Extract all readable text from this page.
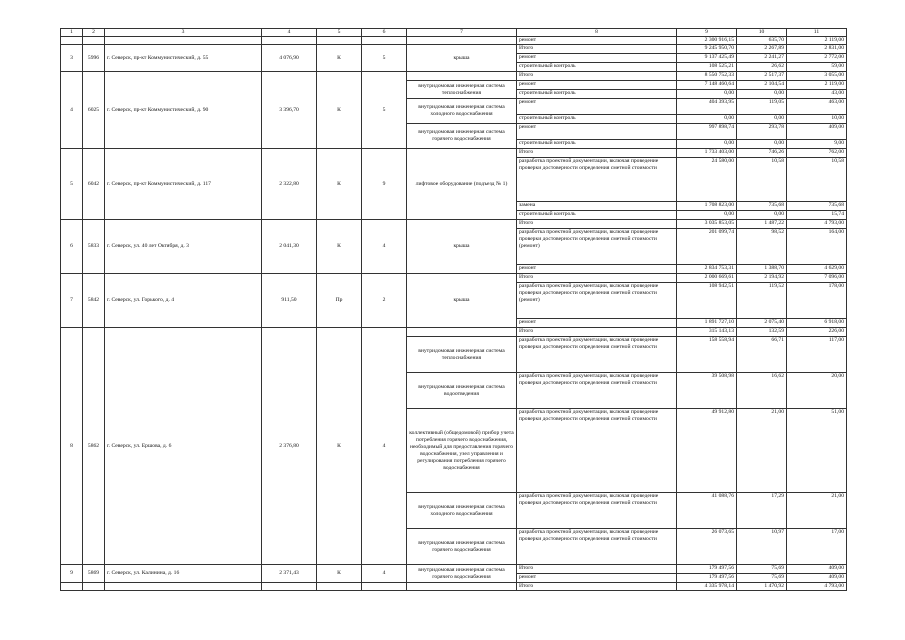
1	2	3	4	5	6	7	8	9	10	11
							ремонт	2 300 916,15	635,70	2 119,00
3	5996	г. Северск, пр-кт Коммунистический, д. 55	4 076,90	К	5	крыша	Итого	9 245 950,70	2 267,89	2 831,00
							ремонт	9 137 425,49	2 241,27	2 772,00
							строительный контроль	108 525,21	26,62	59,00
4	6025	г. Северск, пр-кт Коммунистический, д. 90	3 396,70	К	5		Итого	8 550 752,33	2 517,37	3 055,00
						внутридомовая инженерная система теплоснабжения	ремонт	7 148 460,64	2 104,54	2 119,00
							строительный контроль	0,00	0,00	43,00
						внутридомовая инженерная система холодного водоснабжения	ремонт	404 393,95	119,05	463,00
							строительный контроль	0,00	0,00	10,00
						внутридомовая инженерная система горячего водоснабжения	ремонт	997 898,74	293,78	409,00
							строительный контроль	0,00	0,00	9,00
5	6042	г. Северск, пр-кт Коммунистический, д. 117	2 322,80	К	9	лифтовое оборудование (подъезд № 1)	Итого	1 733 403,00	746,26	762,00
							разработка проектной документации, включая проведение проверки достоверности определения сметной стоимости	24 580,00	10,58	10,58
							замена	1 708 823,00	735,68	735,68
							строительный контроль	0,00	0,00	15,74
6	5833	г. Северск, ул. 40 лет Октября, д. 3	2 041,30	К	4	крыша	Итого	3 035 853,05	1 487,22	4 793,00
							разработка проектной документации, включая проведение проверки достоверности определения сметной стоимости (ремонт)	201 099,74	98,52	164,00
							ремонт	2 834 753,31	1 388,70	4 629,00
7	5842	г. Северск, ул. Горького, д. 4	911,50	Пр	2	крыша	Итого	2 000 669,61	2 194,92	7 096,00
							разработка проектной документации, включая проведение проверки достоверности определения сметной стоимости (ремонт)	108 942,51	119,52	178,00
							ремонт	1 891 727,10	2 075,40	6 918,00
8	5862	г. Северск, ул. Ершова, д. 6	2 376,80	К	4		Итого	315 143,13	132,59	226,00
						внутридомовая инженерная система теплоснабжения	разработка проектной документации, включая проведение проверки достоверности определения сметной стоимости	158 558,94	66,71	117,00
						внутридомовая инженерная система водоотведения	разработка проектной документации, включая проведение проверки достоверности определения сметной стоимости	39 508,98	16,62	20,00
						коллективный (общедомовой) прибор учета потребления горячего водоснабжения, необходимый для предоставления горячего водоснабжения, узел управления и регулирования потребления горячего водоснабжения	разработка проектной документации, включая проведение проверки достоверности определения сметной стоимости	49 912,80	21,00	51,00
						внутридомовая инженерная система холодного водоснабжения	разработка проектной документации, включая проведение проверки достоверности определения сметной стоимости	41 088,76	17,29	21,00
						внутридомовая инженерная система горячего водоснабжения	разработка проектной документации, включая проведение проверки достоверности определения сметной стоимости	26 073,65	10,97	17,00
9	5869	г. Северск, ул. Калинина, д. 16	2 371,43	К	4	внутридомовая инженерная система горячего водоснабжения	Итого	179 497,56	75,69	409,00
							ремонт	179 497,56	75,69	409,00
							Итого	4 335 978,14	1 470,92	4 793,00
